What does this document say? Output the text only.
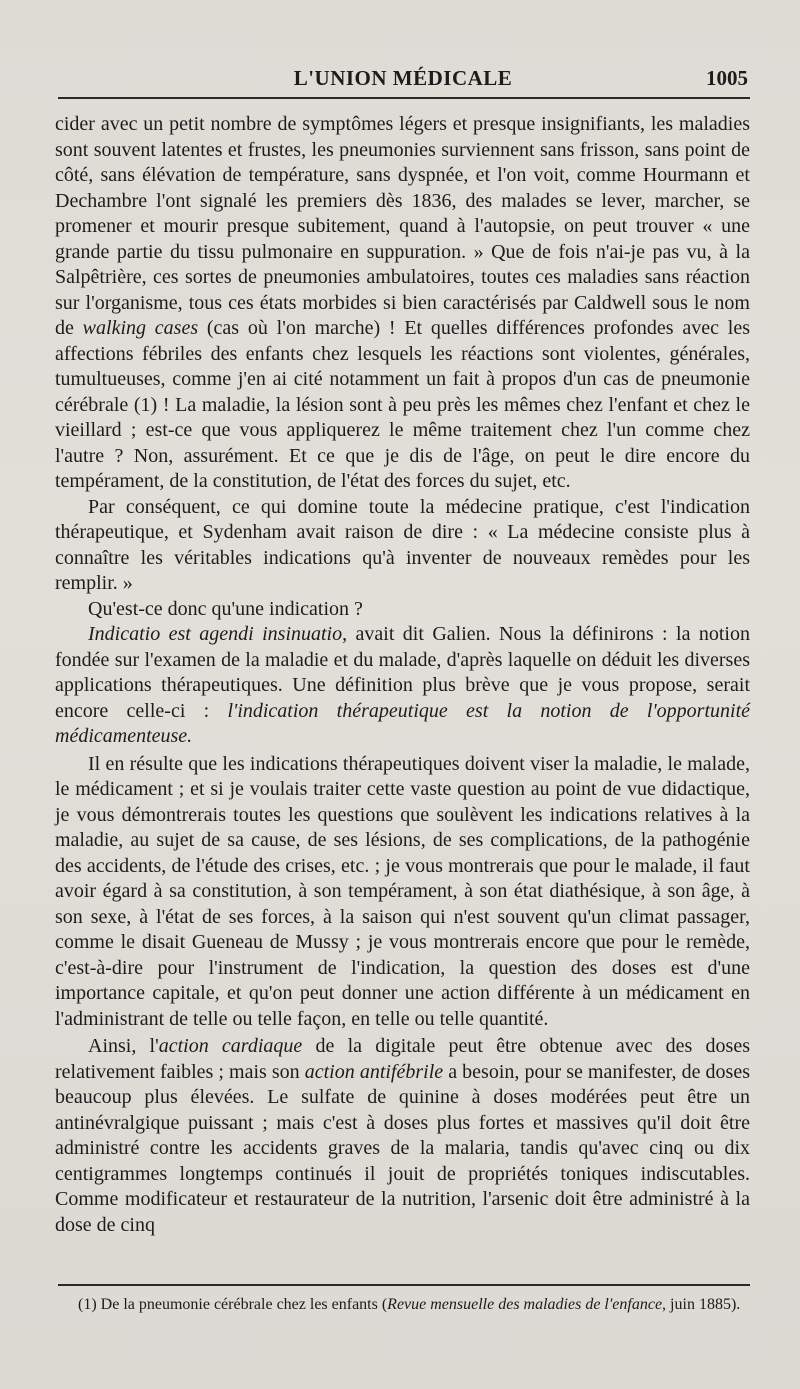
L'UNION MÉDICALE	1005

cider avec un petit nombre de symptômes légers et presque insignifiants, les maladies sont souvent latentes et frustes, les pneumonies surviennent sans frisson, sans point de côté, sans élévation de température, sans dyspnée, et l'on voit, comme Hourmann et Dechambre l'ont signalé les premiers dès 1836, des malades se lever, marcher, se promener et mourir presque subitement, quand à l'autopsie, on peut trouver « une grande partie du tissu pulmonaire en suppuration. » Que de fois n'ai-je pas vu, à la Salpêtrière, ces sortes de pneumonies ambulatoires, toutes ces maladies sans réaction sur l'organisme, tous ces états morbides si bien caractérisés par Caldwell sous le nom de walking cases (cas où l'on marche) ! Et quelles différences profondes avec les affections fébriles des enfants chez lesquels les réactions sont violentes, générales, tumultueuses, comme j'en ai cité notamment un fait à propos d'un cas de pneumonie cérébrale (1) ! La maladie, la lésion sont à peu près les mêmes chez l'enfant et chez le vieillard ; est-ce que vous appliquerez le même traitement chez l'un comme chez l'autre ? Non, assurément. Et ce que je dis de l'âge, on peut le dire encore du tempérament, de la constitution, de l'état des forces du sujet, etc.

Par conséquent, ce qui domine toute la médecine pratique, c'est l'indication thérapeutique, et Sydenham avait raison de dire : « La médecine consiste plus à connaître les véritables indications qu'à inventer de nouveaux remèdes pour les remplir. »

Qu'est-ce donc qu'une indication ?

Indicatio est agendi insinuatio, avait dit Galien. Nous la définirons : la notion fondée sur l'examen de la maladie et du malade, d'après laquelle on déduit les diverses applications thérapeutiques. Une définition plus brève que je vous propose, serait encore celle-ci : l'indication thérapeutique est la notion de l'opportunité médicamenteuse.

Il en résulte que les indications thérapeutiques doivent viser la maladie, le malade, le médicament ; et si je voulais traiter cette vaste question au point de vue didactique, je vous démontrerais toutes les questions que soulèvent les indications relatives à la maladie, au sujet de sa cause, de ses lésions, de ses complications, de la pathogénie des accidents, de l'étude des crises, etc. ; je vous montrerais que pour le malade, il faut avoir égard à sa constitution, à son tempérament, à son état diathésique, à son âge, à son sexe, à l'état de ses forces, à la saison qui n'est souvent qu'un climat passager, comme le disait Gueneau de Mussy ; je vous montrerais encore que pour le remède, c'est-à-dire pour l'instrument de l'indication, la question des doses est d'une importance capitale, et qu'on peut donner une action différente à un médicament en l'administrant de telle ou telle façon, en telle ou telle quantité.

Ainsi, l'action cardiaque de la digitale peut être obtenue avec des doses relativement faibles ; mais son action antifébrile a besoin, pour se manifester, de doses beaucoup plus élevées. Le sulfate de quinine à doses modérées peut être un antinévralgique puissant ; mais c'est à doses plus fortes et massives qu'il doit être administré contre les accidents graves de la malaria, tandis qu'avec cinq ou dix centigrammes longtemps continués il jouit de propriétés toniques indiscutables. Comme modificateur et restaurateur de la nutrition, l'arsenic doit être administré à la dose de cinq

(1) De la pneumonie cérébrale chez les enfants (Revue mensuelle des maladies de l'enfance, juin 1885).
